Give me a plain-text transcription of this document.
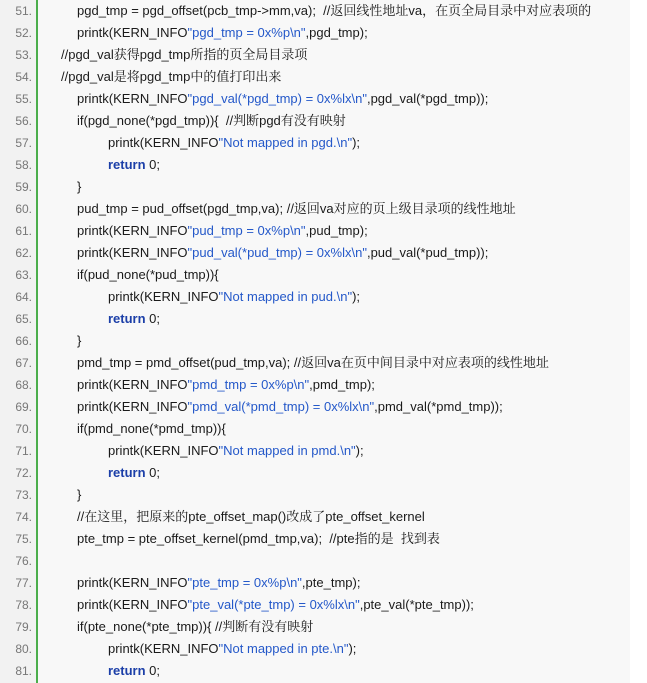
51.	pgd_tmp = pgd_offset(pcb_tmp->mm,va);  //返回线性地址va，在页全局目录中对应表项的
52.	printk(KERN_INFO"pgd_tmp = 0x%p\n",pgd_tmp);
53.	//pgd_val获得pgd_tmp所指的页全局目录项
54.	//pgd_val是将pgd_tmp中的值打印出来
55.	printk(KERN_INFO"pgd_val(*pgd_tmp) = 0x%lx\n",pgd_val(*pgd_tmp));
56.	if(pgd_none(*pgd_tmp)){  //判断pgd有没有映射
57.	printk(KERN_INFO"Not mapped in pgd.\n");
58.	return 0;
59.	}
60.	pud_tmp = pud_offset(pgd_tmp,va); //返回va对应的页上级目录项的线性地址
61.	printk(KERN_INFO"pud_tmp = 0x%p\n",pud_tmp);
62.	printk(KERN_INFO"pud_val(*pud_tmp) = 0x%lx\n",pud_val(*pud_tmp));
63.	if(pud_none(*pud_tmp)){
64.	printk(KERN_INFO"Not mapped in pud.\n");
65.	return 0;
66.	}
67.	pmd_tmp = pmd_offset(pud_tmp,va); //返回va在页中间目录中对应表项的线性地址
68.	printk(KERN_INFO"pmd_tmp = 0x%p\n",pmd_tmp);
69.	printk(KERN_INFO"pmd_val(*pmd_tmp) = 0x%lx\n",pmd_val(*pmd_tmp));
70.	if(pmd_none(*pmd_tmp)){
71.	printk(KERN_INFO"Not mapped in pmd.\n");
72.	return 0;
73.	}
74.	//在这里，把原来的pte_offset_map()改成了pte_offset_kernel
75.	pte_tmp = pte_offset_kernel(pmd_tmp,va);  //pte指的是  找到表
76.
77.	printk(KERN_INFO"pte_tmp = 0x%p\n",pte_tmp);
78.	printk(KERN_INFO"pte_val(*pte_tmp) = 0x%lx\n",pte_val(*pte_tmp));
79.	if(pte_none(*pte_tmp)){ //判断有没有映射
80.	printk(KERN_INFO"Not mapped in pte.\n");
81.	return 0;
